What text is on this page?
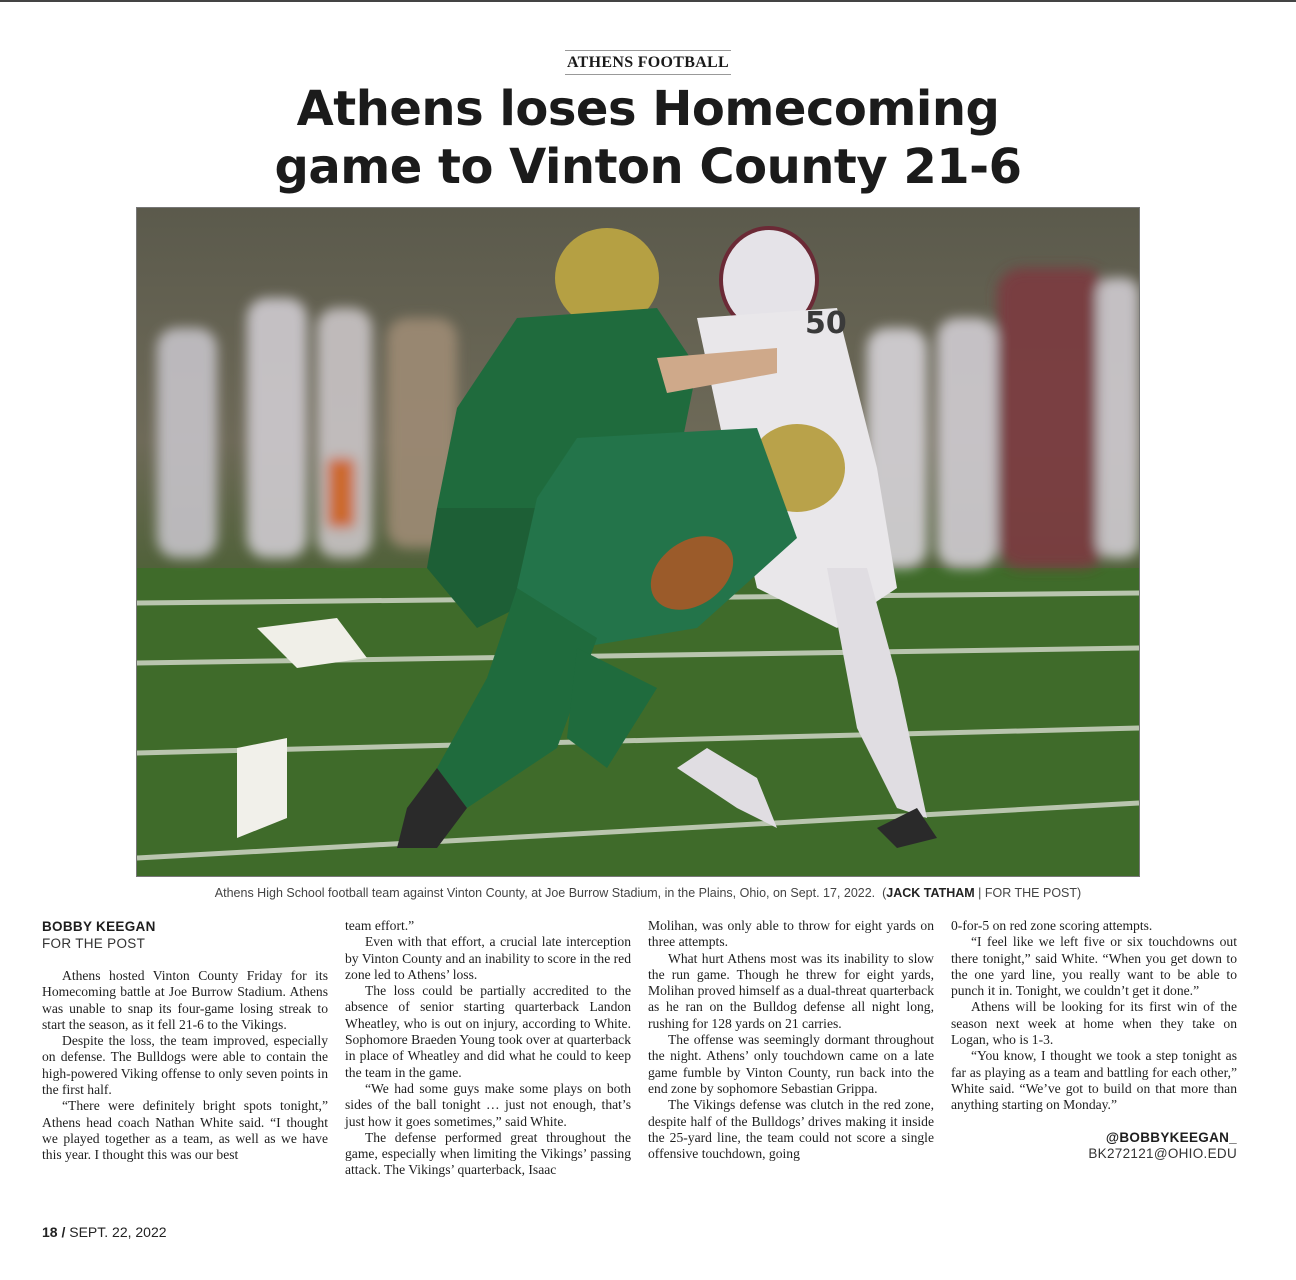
ATHENS FOOTBALL
Athens loses Homecoming
game to Vinton County 21-6
50
Athens High School football team against Vinton County, at Joe Burrow Stadium, in the Plains, Ohio, on Sept. 17, 2022.  (JACK TATHAM | FOR THE POST)
BOBBY KEEGAN
FOR THE POST

Athens hosted Vinton County Friday for its Homecoming battle at Joe Burrow Stadium. Athens was unable to snap its four-game losing streak to start the season, as it fell 21-6 to the Vikings.

Despite the loss, the team improved, especially on defense. The Bulldogs were able to contain the high-powered Viking offense to only seven points in the first half.

“There were definitely bright spots tonight,” Athens head coach Nathan White said. “I thought we played together as a team, as well as we have this year. I thought this was our best

team effort.”

Even with that effort, a crucial late interception by Vinton County and an inability to score in the red zone led to Athens’ loss.

The loss could be partially accredited to the absence of senior starting quarterback Landon Wheatley, who is out on injury, according to White. Sophomore Braeden Young took over at quarterback in place of Wheatley and did what he could to keep the team in the game.

“We had some guys make some plays on both sides of the ball tonight … just not enough, that’s just how it goes sometimes,” said White.

The defense performed great throughout the game, especially when limiting the Vikings’ passing attack. The Vikings’ quarterback, Isaac

Molihan, was only able to throw for eight yards on three attempts.

What hurt Athens most was its inability to slow the run game. Though he threw for eight yards, Molihan proved himself as a dual-threat quarterback as he ran on the Bulldog defense all night long, rushing for 128 yards on 21 carries.

The offense was seemingly dormant throughout the night. Athens’ only touchdown came on a late game fumble by Vinton County, run back into the end zone by sophomore Sebastian Grippa.

The Vikings defense was clutch in the red zone, despite half of the Bulldogs’ drives making it inside the 25-yard line, the team could not score a single offensive touchdown, going

0-for-5 on red zone scoring attempts.

“I feel like we left five or six touchdowns out there tonight,” said White. “When you get down to the one yard line, you really want to be able to punch it in. Tonight, we couldn’t get it done.”

Athens will be looking for its first win of the season next week at home when they take on Logan, who is 1-3.

“You know, I thought we took a step tonight as far as playing as a team and battling for each other,” White said. “We’ve got to build on that more than anything starting on Monday.”

@BOBBYKEEGAN_
BK272121@OHIO.EDU
18 / SEPT. 22, 2022
